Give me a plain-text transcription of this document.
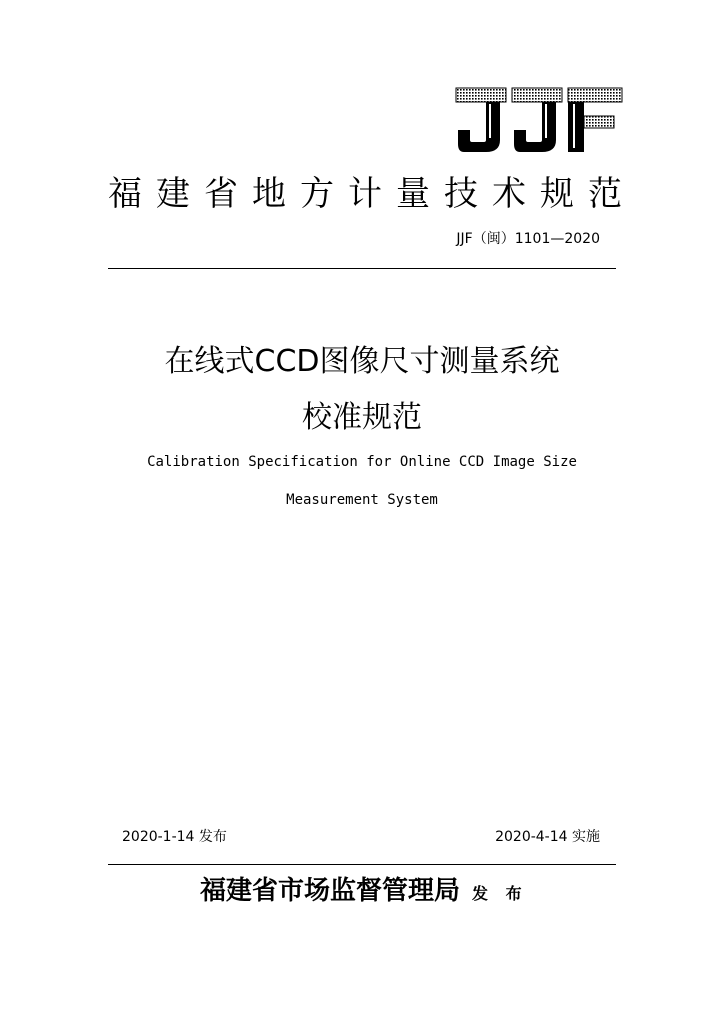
福建省地方计量技术规范
JJF（闽）1101—2020
在线式CCD图像尺寸测量系统
校准规范
Calibration Specification for Online CCD Image Size
Measurement System
2020-1-14 发布	2020-4-14 实施
福建省市场监督管理局 发 布
